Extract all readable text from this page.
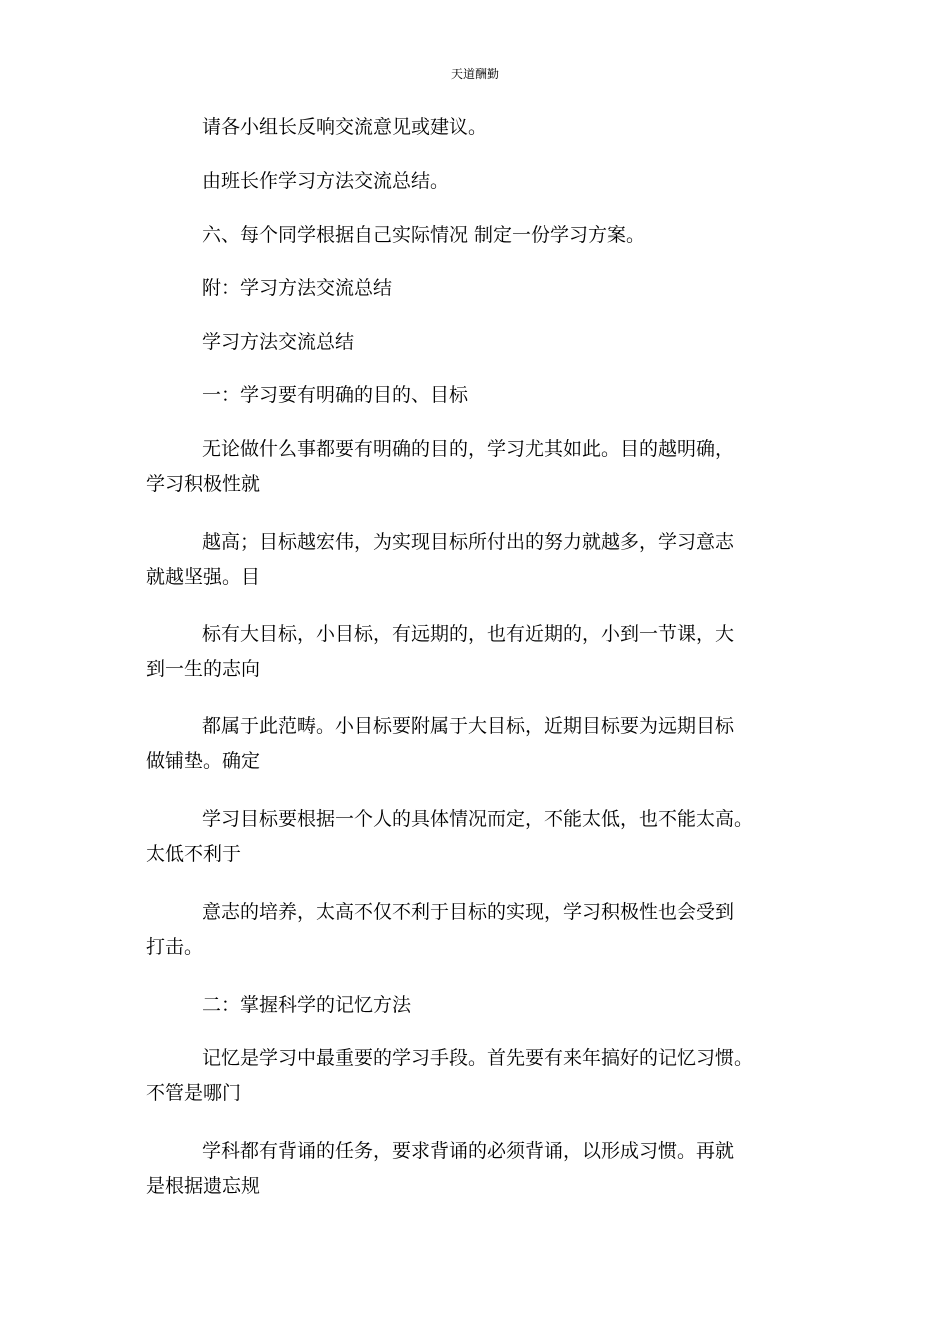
天道酬勤

请各小组长反响交流意见或建议。

由班长作学习方法交流总结。

六、每个同学根据自己实际情况 制定一份学习方案。

附：学习方法交流总结

学习方法交流总结

一：学习要有明确的目的、目标

无论做什么事都要有明确的目的，学习尤其如此。目的越明确，
学习积极性就

越高；目标越宏伟，为实现目标所付出的努力就越多，学习意志
就越坚强。目

标有大目标，小目标，有远期的，也有近期的，小到一节课，大
到一生的志向

都属于此范畴。小目标要附属于大目标，近期目标要为远期目标
做铺垫。确定

学习目标要根据一个人的具体情况而定，不能太低，也不能太高。
太低不利于

意志的培养，太高不仅不利于目标的实现，学习积极性也会受到
打击。

二：掌握科学的记忆方法

记忆是学习中最重要的学习手段。首先要有来年搞好的记忆习惯。
不管是哪门

学科都有背诵的任务，要求背诵的必须背诵，以形成习惯。再就
是根据遗忘规
